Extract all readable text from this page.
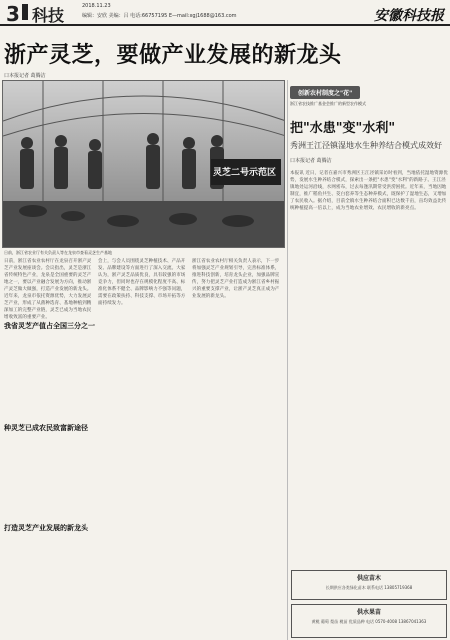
3 科技	2018.11.23
编辑：安欣 美编：吕 电话:66757195 E—mail:xgj1688@163.com	安徽科技报
浙产灵芝，要做产业发展的新龙头
口本报记者 葛腾洁
灵芝二号示范区
日前，浙江省农业厅有关负责人等在龙泉市查看灵芝生产基地

日前，浙江省农业农村厅在龙泉召开浙产灵芝产业发展座谈会。会议指出，灵芝是浙江省传统特色产业，龙泉是全国重要的灵芝产地之一，要以产业融合发展为方向，推动浙产灵芝做大做强，打造产业发展的新龙头。近年来，龙泉市依托资源优势，大力发展灵芝产业，形成了从菌种选育、基地种植到精深加工的完整产业链，灵芝已成为当地农民增收致富的重要产业。

会上，与会人员围绕灵芝种植技术、产品开发、品牌建设等方面进行了深入交流。大家认为，浙产灵芝品质优良，具有较强的市场竞争力，但同时也存在规模化程度不高、标准化体系不健全、品牌影响力不强等问题，需要在政策扶持、科技支撑、市场开拓等方面持续发力。

浙江省农业农村厅相关负责人表示，下一步将加强灵芝产业规划引导，完善标准体系，推进科技创新，培育龙头企业，加强品牌宣传，努力把灵芝产业打造成为浙江省乡村振兴的重要支撑产业，让浙产灵芝真正成为产业发展的新龙头。

我省灵芝产值占全国三分之一
种灵芝已成农民致富新途径
打造灵芝产业发展的新龙头
创新农村制度之"花"
浙江省农技推广基金会推广的新型农作模式
把"水患"变"水利"
秀洲王江泾镇湿地水生种养结合模式成效好
口本报记者 葛腾洁

本报讯 近日，记者在嘉兴市秀洲区王江泾镇采访时看到，当地依托湿地资源优势，发展水生种养结合模式，探索出一条把"水患"变"水利"的新路子。王江泾镇地处运河沿线，水网密布，过去每逢汛期常受洪涝困扰。近年来，当地因地制宜，推广稻鱼共生、茭白套养等生态种养模式，既保护了湿地生态，又增加了农民收入。据介绍，目前全镇水生种养结合面积已达数千亩，亩均效益比传统种植提高一倍以上，成为当地农业增效、农民增收的新亮点。

供应苗木
长期供应各类绿化苗木 联系电话 13805719368
供水果苗
黄桃 葡萄 梨苗 桃苗 优质品种 电话 0570-4008 13867041363
